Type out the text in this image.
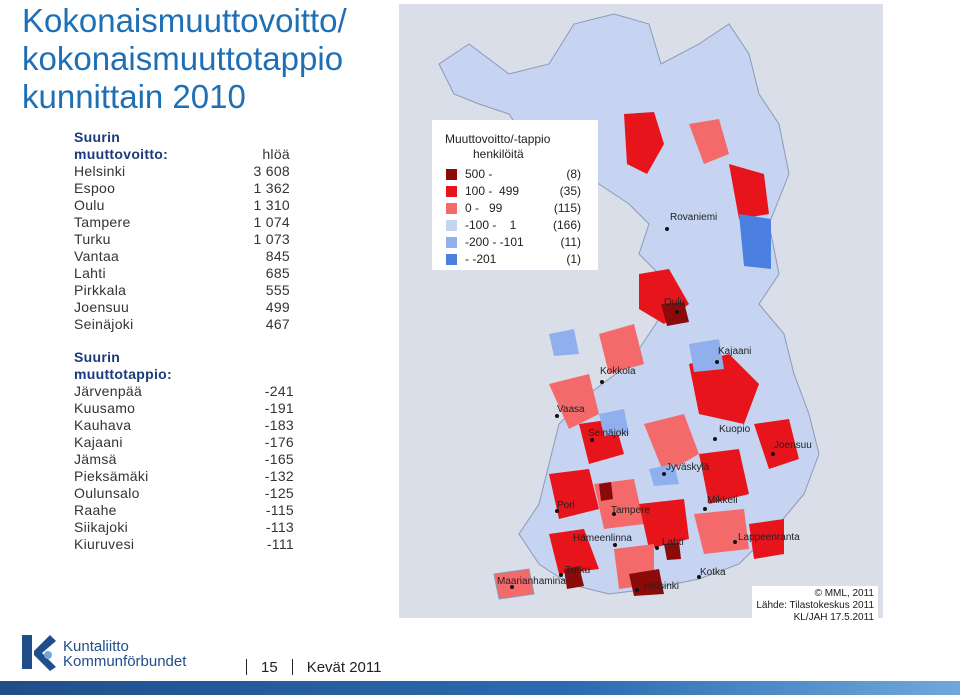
Kokonaismuuttovoitto/
kokonaismuuttotappio
kunnittain 2010
Suurin
muuttovoitto:	hlöä
Helsinki	3 608
Espoo	1 362
Oulu	1 310
Tampere	1 074
Turku	1 073
Vantaa	845
Lahti	685
Pirkkala	555
Joensuu	499
Seinäjoki	467
Suurin
muuttotappio:
Järvenpää	-241
Kuusamo	-191
Kauhava	-183
Kajaani	-176
Jämsä	-165
Pieksämäki	-132
Oulunsalo	-125
Raahe	-115
Siikajoki	-113
Kiuruvesi	-111
Muuttovoitto/-tappio
henkilöitä
500 -	(8)
100 -  499	(35)
0 -   99	(115)
-100 -    1	(166)
-200 - -101	(11)
- -201	(1)
Rovaniemi
Oulu
Kajaani
Kokkola
Vaasa
Seinäjoki	Kuopio
Joensuu
Jyväskylä
Mikkeli
Pori	Tampere
Hämeenlinna	Lahti	Lappeenranta
Turku	Kotka
Helsinki
Maarianhamina
© MML, 2011
Lähde: Tilastokeskus 2011
KL/JAH 17.5.2011
Kuntaliitto
Kommunförbundet	15 Kevät 2011
